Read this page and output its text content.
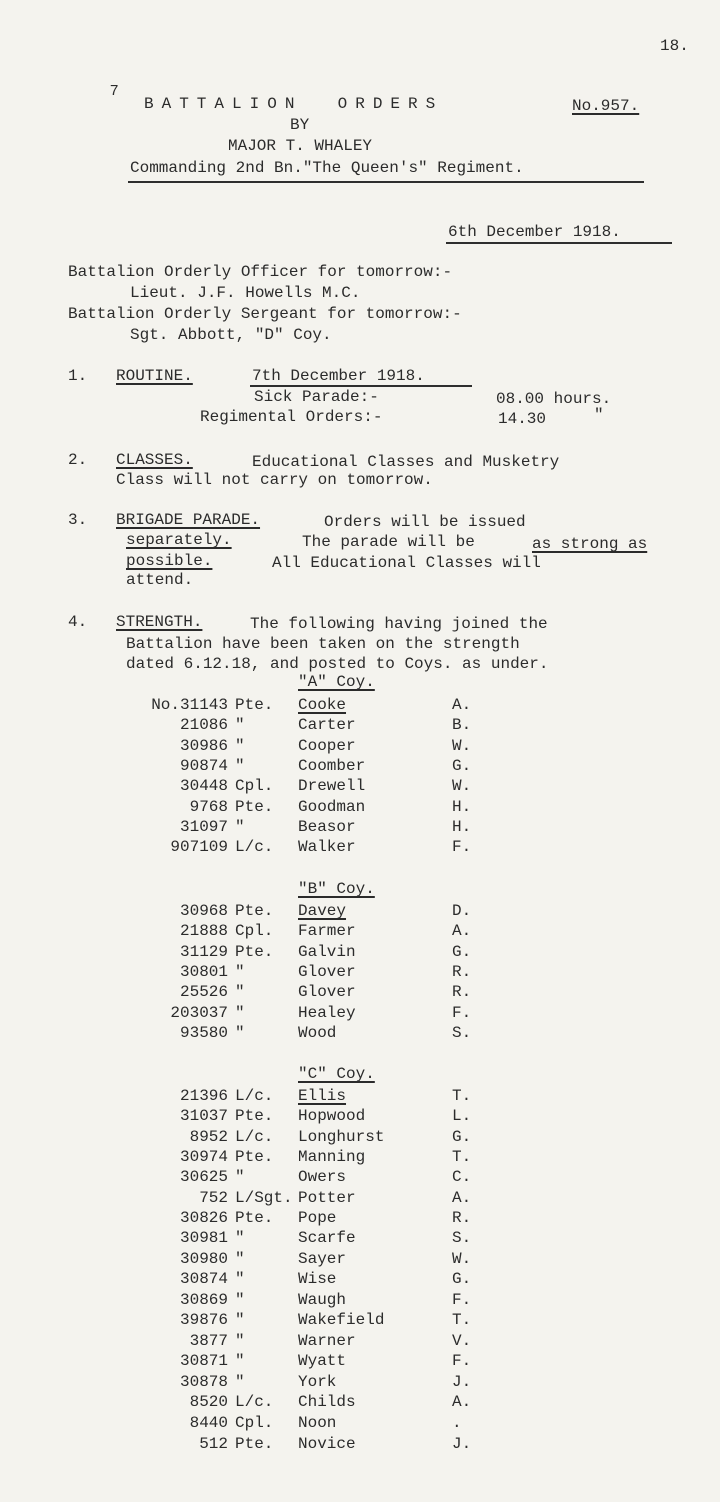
18.
7
BATTALION  ORDERS	No.957.
BY
MAJOR T. WHALEY
Commanding 2nd Bn."The Queen's" Regiment.
6th December 1918.
Battalion Orderly Officer for tomorrow:-
Lieut. J.F. Howells M.C.
Battalion Orderly Sergeant for tomorrow:-
Sgt. Abbott, "D" Coy.
1. ROUTINE.	7th December 1918.
Sick Parade:-	08.00 hours.
Regimental Orders:-	14.30	"
2. CLASSES.	Educational Classes and Musketry
Class will not carry on tomorrow.
3. BRIGADE PARADE.	Orders will be issued
separately.	The parade will be	as strong as
possible.	All Educational Classes will
attend.
4. STRENGTH.	The following having joined the
Battalion have been taken on the strength
dated 6.12.18, and posted to Coys. as under.
"A" Coy.
No.31143 Pte. Cooke	A.
21086 "	Carter	B.
30986 "	Cooper	W.
90874 "	Coomber	G.
30448 Cpl. Drewell	W.
9768 Pte. Goodman	H.
31097 "	Beasor	H.
907109 L/c. Walker	F.
"B" Coy.
30968 Pte. Davey	D.
21888 Cpl. Farmer	A.
31129 Pte. Galvin	G.
30801 "	Glover	R.
25526 "	Glover	R.
203037 "	Healey	F.
93580 "	Wood	S.
"C" Coy.
21396 L/c. Ellis	T.
31037 Pte. Hopwood	L.
8952 L/c. Longhurst	G.
30974 Pte. Manning	T.
30625 "	Owers	C.
752 L/Sgt. Potter	A.
30826 Pte. Pope	R.
30981 "	Scarfe	S.
30980 "	Sayer	W.
30874 "	Wise	G.
30869 "	Waugh	F.
39876 "	Wakefield	T.
3877 "	Warner	V.
30871 "	Wyatt	F.
30878 "	York	J.
8520 L/c. Childs	A.
8440 Cpl. Noon	.
512 Pte. Novice	J.
